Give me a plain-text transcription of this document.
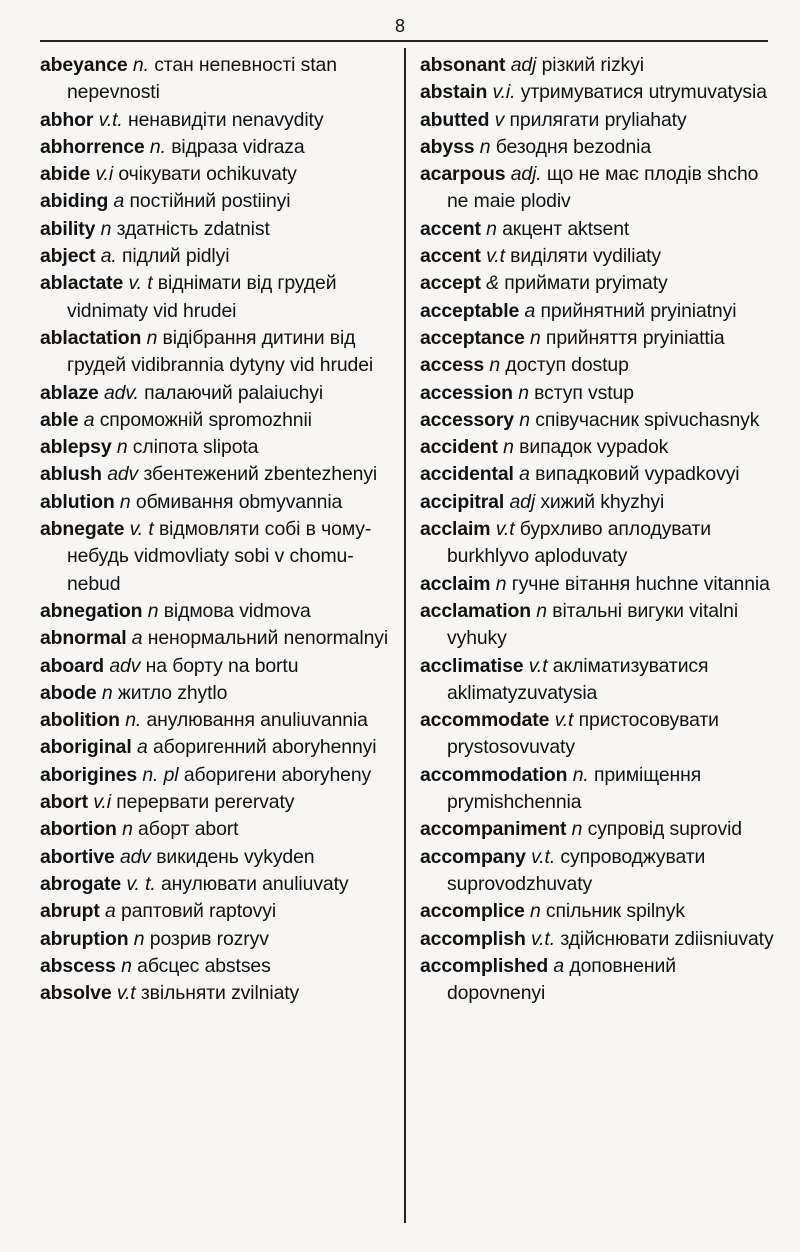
8
abeyance n. стан непевності stan nepevnosti
abhor v.t. ненавидіти nenavydity
abhorrence n. відраза vidraza
abide v.i очікувати ochikuvaty
abiding a постійний postiinyi
ability n здатність zdatnist
abject a. підлий pidlyi
ablactate v. t віднімати від грудей vidnimaty vid hrudei
ablactation n відібрання дитини від грудей vidibrannia dytyny vid hrudei
ablaze adv. палаючий palaiuchyi
able a спроможній spromozhnii
ablepsy n сліпота slipota
ablush adv збентежений zbentezhenyi
ablution n обмивання obmyvannia
abnegate v. t відмовляти собі в чому-небудь vidmovliaty sobi v chomu-nebud
abnegation n відмова vidmova
abnormal a ненормальний nenormalnyi
aboard adv на борту na bortu
abode n житло zhytlo
abolition n. анулювання anuliuvannia
aboriginal a аборигенний aboryhennyi
aborigines n. pl аборигени aboryheny
abort v.i перервати perervaty
abortion n аборт abort
abortive adv викидень vykyden
abrogate v. t. анулювати anuliuvaty
abrupt a раптовий raptovyi
abruption n розрив rozryv
abscess n абсцес abstses
absolve v.t звільняти zvilniaty
absonant adj різкий rizkyi
abstain v.i. утримуватися utrymuvatysia
abutted v прилягати pryliahaty
abyss n безодня bezodnia
acarpous adj. що не має плодів shcho ne maie plodiv
accent n акцент aktsent
accent v.t виділяти vydiliaty
accept & приймати pryimaty
acceptable a прийнятний pryiniatnyi
acceptance n прийняття pryiniattia
access n доступ dostup
accession n вступ vstup
accessory n співучасник spivuchasnyk
accident n випадок vypadok
accidental a випадковий vypadkovyi
accipitral adj хижий khyzhyi
acclaim v.t бурхливо аплодувати burkhlyvo aploduvaty
acclaim n гучне вітання huchne vitannia
acclamation n вітальні вигуки vitalni vyhuky
acclimatise v.t акліматизуватися aklimatyzuvatysia
accommodate v.t пристосовувати prystosovuvaty
accommodation n. приміщення prymishchennia
accompaniment n супровід suprovid
accompany v.t. супроводжувати suprovodzhuvaty
accomplice n спільник spilnyk
accomplish v.t. здійснювати zdiisniuvaty
accomplished a доповнений dopovnenyi
